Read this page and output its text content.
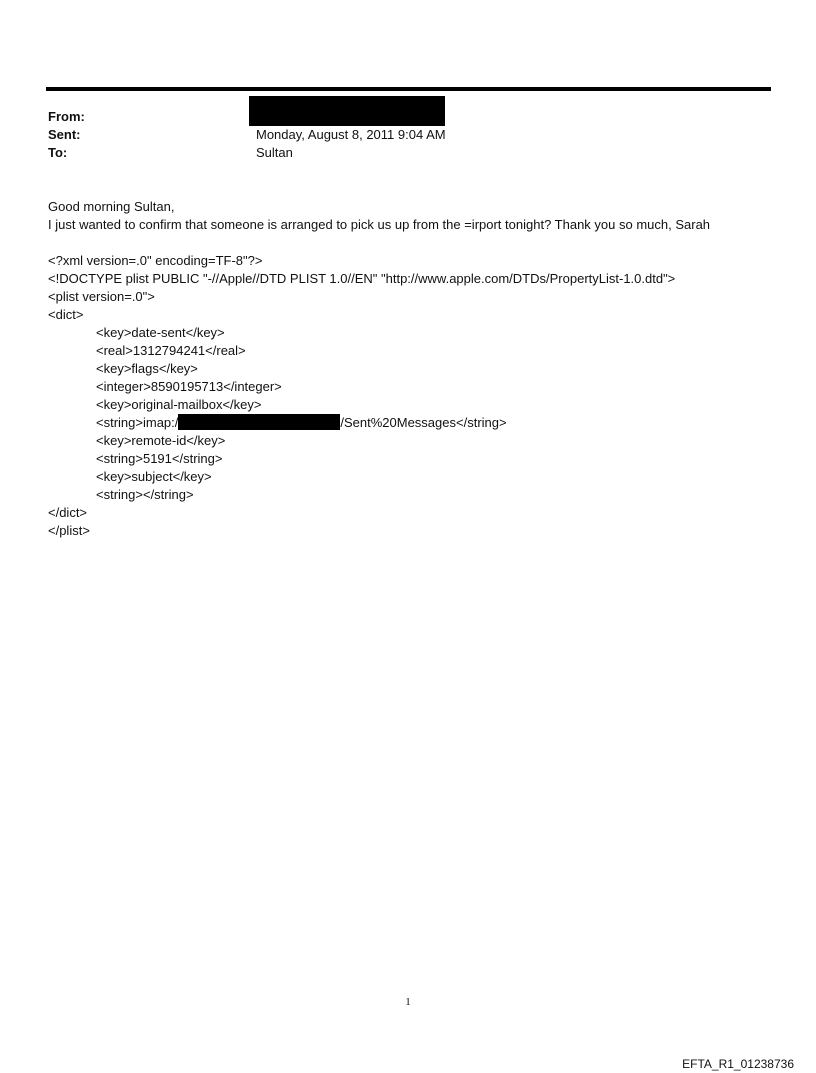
From:
Sent:	Monday, August 8, 2011 9:04 AM
To:	Sultan
Good morning Sultan,
I just wanted to confirm that someone is arranged to pick us up from the =irport tonight? Thank you so much, Sarah
<?xml version=.0" encoding=TF-8"?>
<!DOCTYPE plist PUBLIC "-//Apple//DTD PLIST 1.0//EN" "http://www.apple.com/DTDs/PropertyList-1.0.dtd">
<plist version=.0">
<dict>
<key>date-sent</key>
<real>1312794241</real>
<key>flags</key>
<integer>8590195713</integer>
<key>original-mailbox</key>
<string>imap:/	/Sent%20Messages</string>
<key>remote-id</key>
<string>5191</string>
<key>subject</key>
<string></string>
</dict>
</plist>
1
EFTA_R1_01238736
